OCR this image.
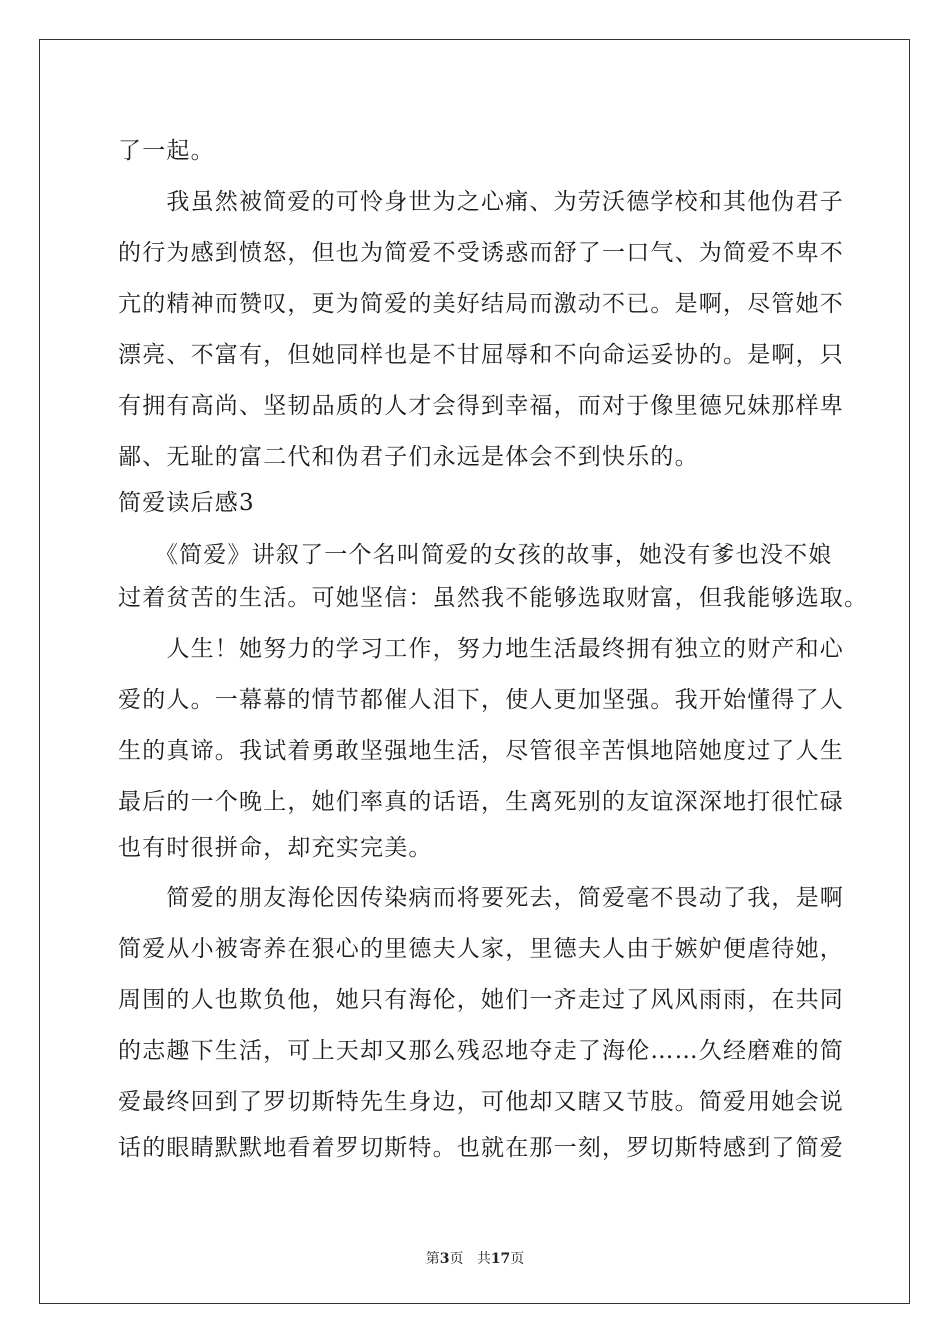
了一起。
　　我虽然被简爱的可怜身世为之心痛、为劳沃德学校和其他伪君子
的行为感到愤怒，但也为简爱不受诱惑而舒了一口气、为简爱不卑不
亢的精神而赞叹，更为简爱的美好结局而激动不已。是啊，尽管她不
漂亮、不富有，但她同样也是不甘屈辱和不向命运妥协的。是啊，只
有拥有高尚、坚韧品质的人才会得到幸福，而对于像里德兄妹那样卑
鄙、无耻的富二代和伪君子们永远是体会不到快乐的。
简爱读后感3
　　《简爱》讲叙了一个名叫简爱的女孩的故事，她没有爹也没不娘
过着贫苦的生活。可她坚信：虽然我不能够选取财富，但我能够选取。
　　人生！她努力的学习工作，努力地生活最终拥有独立的财产和心
爱的人。一幕幕的情节都催人泪下，使人更加坚强。我开始懂得了人
生的真谛。我试着勇敢坚强地生活，尽管很辛苦惧地陪她度过了人生
最后的一个晚上，她们率真的话语，生离死别的友谊深深地打很忙碌
也有时很拼命，却充实完美。
　　简爱的朋友海伦因传染病而将要死去，简爱毫不畏动了我，是啊
简爱从小被寄养在狠心的里德夫人家，里德夫人由于嫉妒便虐待她，
周围的人也欺负他，她只有海伦，她们一齐走过了风风雨雨，在共同
的志趣下生活，可上天却又那么残忍地夺走了海伦……久经磨难的简
爱最终回到了罗切斯特先生身边，可他却又瞎又节肢。简爱用她会说
话的眼睛默默地看着罗切斯特。也就在那一刻，罗切斯特感到了简爱
第3页 共17页
